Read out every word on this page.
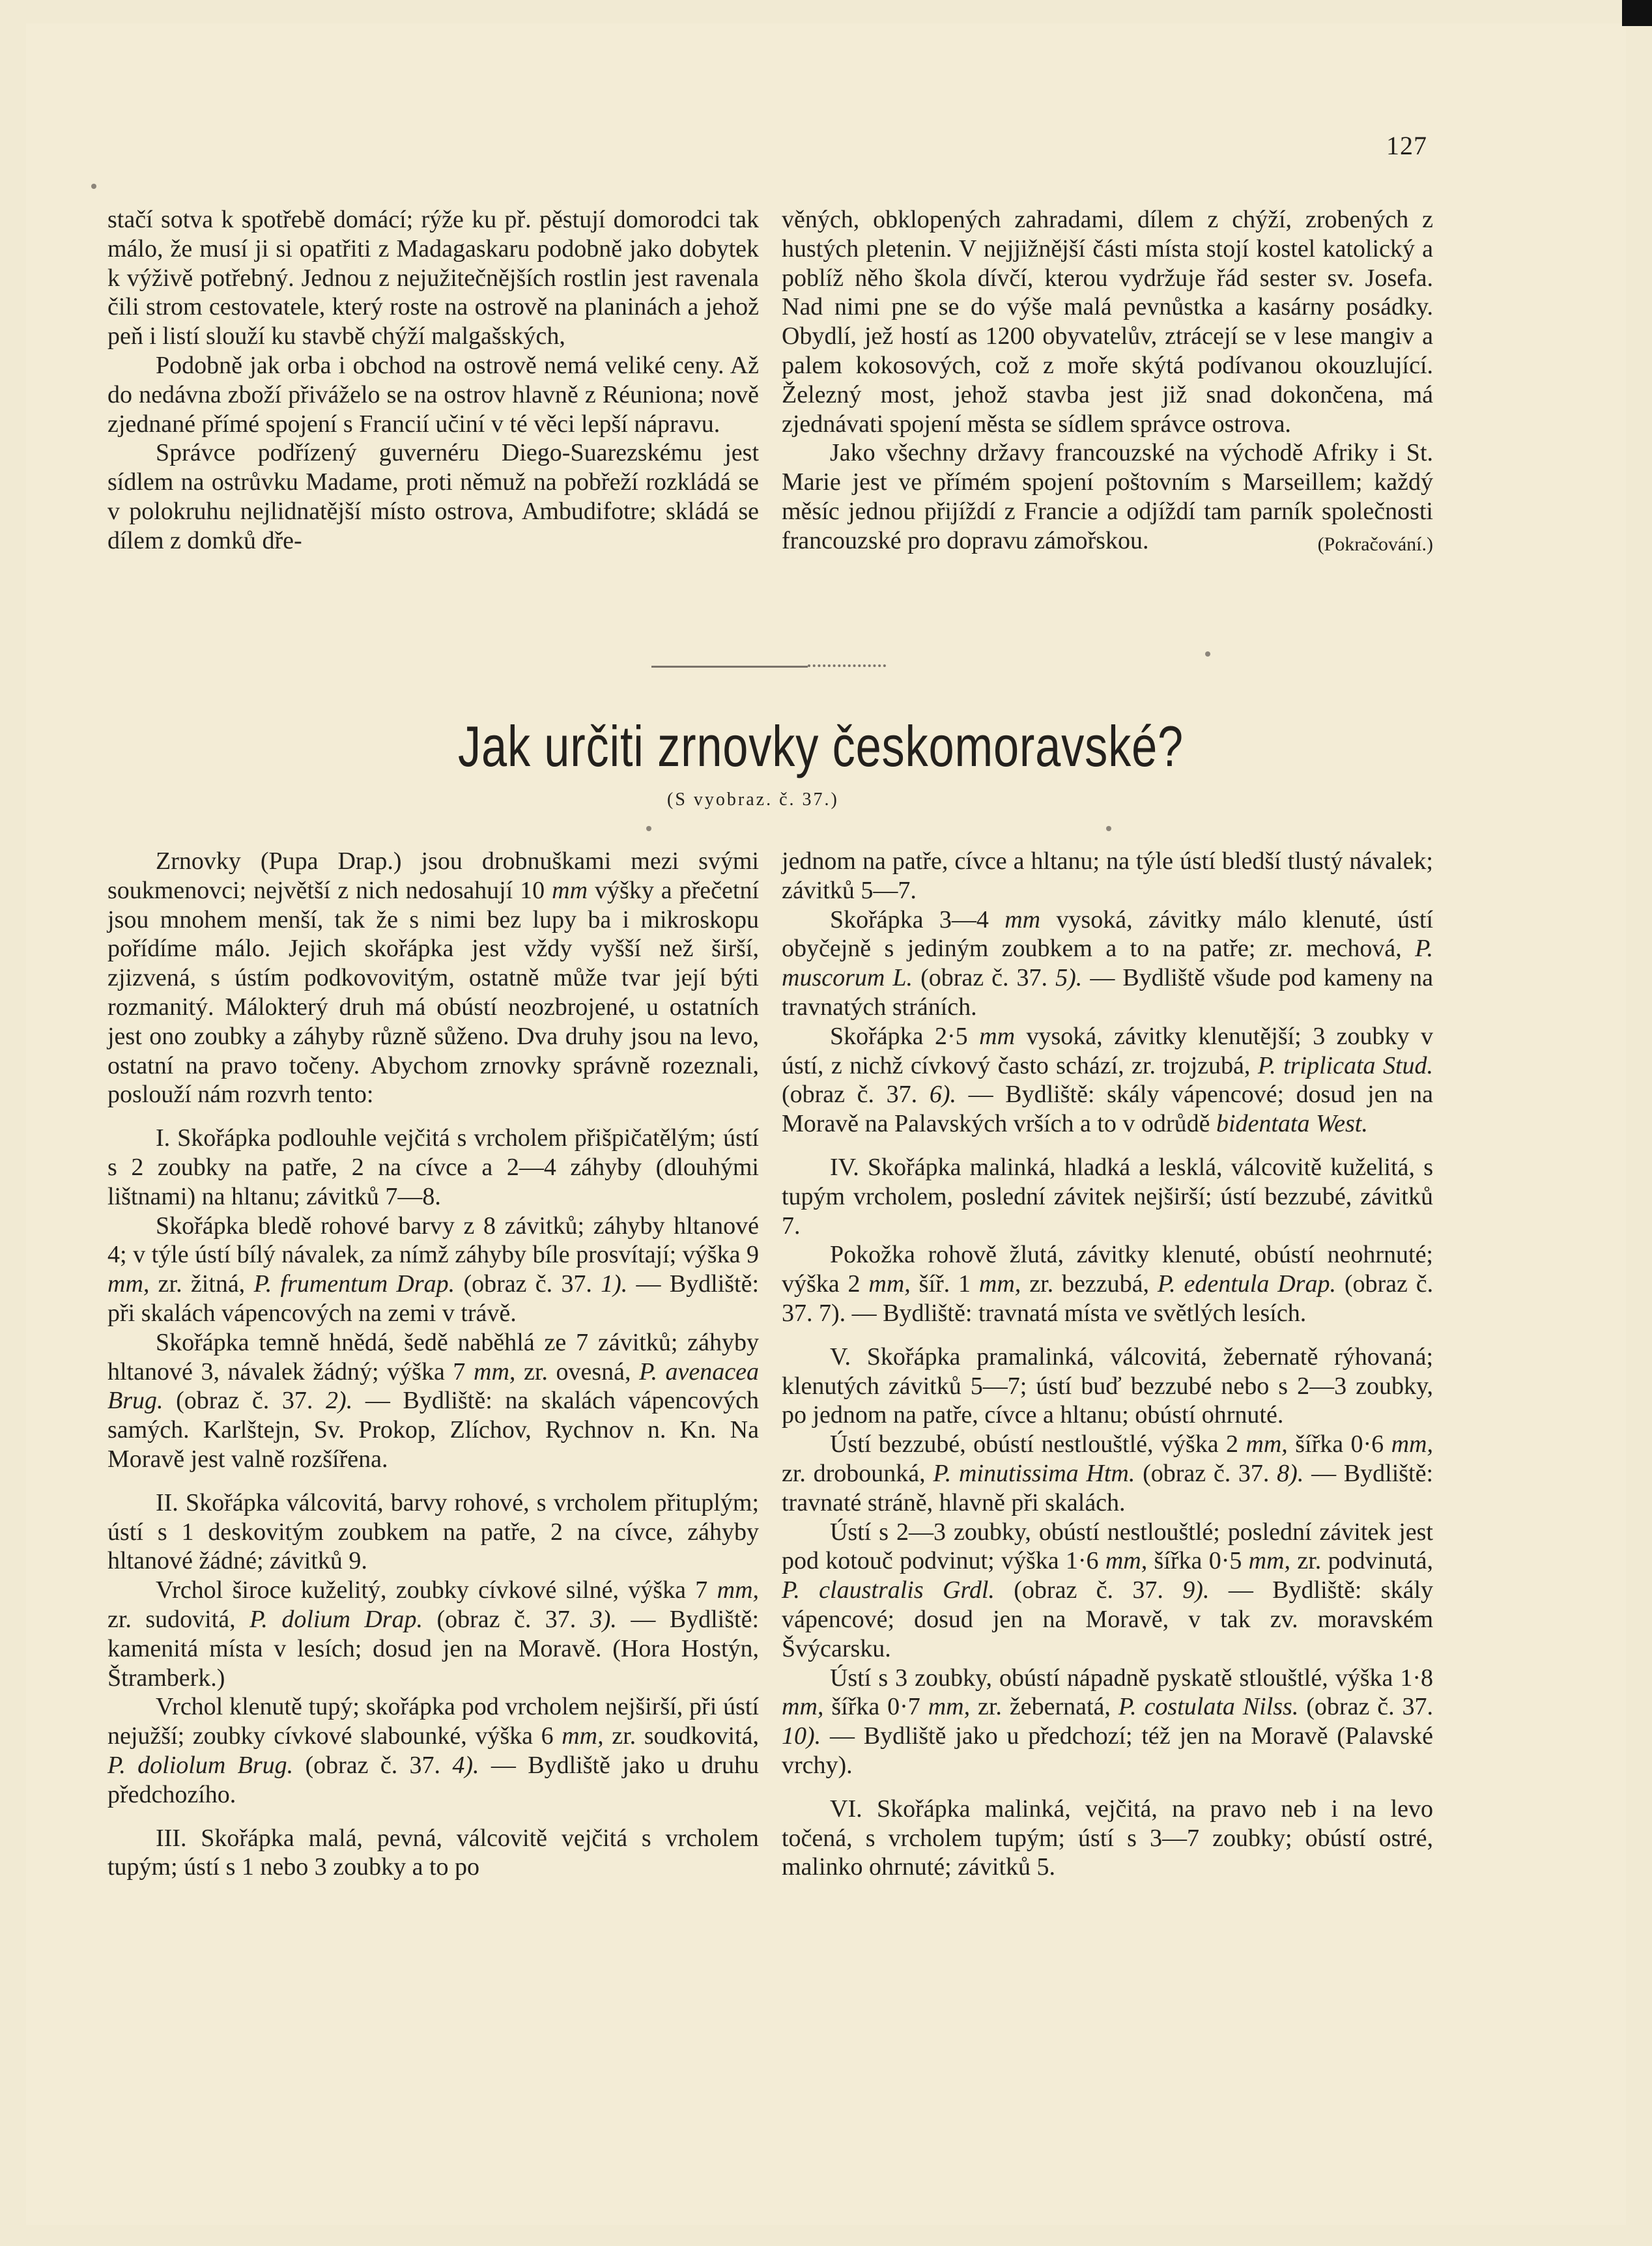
127

stačí sotva k spotřebě domácí; rýže ku př. pěstují domorodci tak málo, že musí ji si opatřiti z Madagaskaru podobně jako dobytek k výživě potřebný. Jednou z nejužitečnějších rostlin jest ravenala čili strom cestovatele, který roste na ostrově na planinách a jehož peň i listí slouží ku stavbě chýží malgašských,

Podobně jak orba i obchod na ostrově nemá veliké ceny. Až do nedávna zboží přiváželo se na ostrov hlavně z Réuniona; nově zjednané přímé spojení s Francií učiní v té věci lepší nápravu.

Správce podřízený guvernéru Diego-Suarezskému jest sídlem na ostrůvku Madame, proti němuž na pobřeží rozkládá se v polokruhu nejlidnatější místo ostrova, Ambudifotre; skládá se dílem z domků dře-

věných, obklopených zahradami, dílem z chýží, zrobených z hustých pletenin. V nejjižnější části místa stojí kostel katolický a poblíž něho škola dívčí, kterou vydržuje řád sester sv. Josefa. Nad nimi pne se do výše malá pevnůstka a kasárny posádky. Obydlí, jež hostí as 1200 obyvatelův, ztrácejí se v lese mangiv a palem kokosových, což z moře skýtá podívanou okouzlující. Železný most, jehož stavba jest již snad dokončena, má zjednávati spojení města se sídlem správce ostrova.

Jako všechny državy francouzské na východě Afriky i St. Marie jest ve přímém spojení poštovním s Marseillem; každý měsíc jednou přijíždí z Francie a odjíždí tam parník společnosti francouzské pro dopravu zámořskou.	(Pokračování.)

Jak určiti zrnovky českomoravské?
(S vyobraz. č. 37.)

Zrnovky (Pupa Drap.) jsou drobnuškami mezi svými soukmenovci; největší z nich nedosahují 10 mm výšky a přečetní jsou mnohem menší, tak že s nimi bez lupy ba i mikroskopu pořídíme málo. Jejich skořápka jest vždy vyšší než širší, zjizvená, s ústím podkovovitým, ostatně může tvar její býti rozmanitý. Málokterý druh má obústí neozbrojené, u ostatních jest ono zoubky a záhyby různě sůženo. Dva druhy jsou na levo, ostatní na pravo točeny. Abychom zrnovky správně rozeznali, poslouží nám rozvrh tento:

I. Skořápka podlouhle vejčitá s vrcholem přišpičatělým; ústí s 2 zoubky na patře, 2 na cívce a 2—4 záhyby (dlouhými lištnami) na hltanu; závitků 7—8.

Skořápka bledě rohové barvy z 8 závitků; záhyby hltanové 4; v týle ústí bílý návalek, za nímž záhyby bíle prosvítají; výška 9 mm, zr. žitná, P. frumentum Drap. (obraz č. 37. 1). — Bydliště: při skalách vápencových na zemi v trávě.

Skořápka temně hnědá, šedě naběhlá ze 7 závitků; záhyby hltanové 3, návalek žádný; výška 7 mm, zr. ovesná, P. avenacea Brug. (obraz č. 37. 2). — Bydliště: na skalách vápencových samých. Karlštejn, Sv. Prokop, Zlíchov, Rychnov n. Kn. Na Moravě jest valně rozšířena.

II. Skořápka válcovitá, barvy rohové, s vrcholem přituplým; ústí s 1 deskovitým zoubkem na patře, 2 na cívce, záhyby hltanové žádné; závitků 9.

Vrchol široce kuželitý, zoubky cívkové silné, výška 7 mm, zr. sudovitá, P. dolium Drap. (obraz č. 37. 3). — Bydliště: kamenitá místa v lesích; dosud jen na Moravě. (Hora Hostýn, Štramberk.)

Vrchol klenutě tupý; skořápka pod vrcholem nejširší, při ústí nejužší; zoubky cívkové slabounké, výška 6 mm, zr. soudkovitá, P. doliolum Brug. (obraz č. 37. 4). — Bydliště jako u druhu předchozího.

III. Skořápka malá, pevná, válcovitě vejčitá s vrcholem tupým; ústí s 1 nebo 3 zoubky a to po

jednom na patře, cívce a hltanu; na týle ústí bledší tlustý návalek; závitků 5—7.

Skořápka 3—4 mm vysoká, závitky málo klenuté, ústí obyčejně s jediným zoubkem a to na patře; zr. mechová, P. muscorum L. (obraz č. 37. 5). — Bydliště všude pod kameny na travnatých stráních.

Skořápka 2·5 mm vysoká, závitky klenutější; 3 zoubky v ústí, z nichž cívkový často schází, zr. trojzubá, P. triplicata Stud. (obraz č. 37. 6). — Bydliště: skály vápencové; dosud jen na Moravě na Palavských vrších a to v odrůdě bidentata West.

IV. Skořápka malinká, hladká a lesklá, válcovitě kuželitá, s tupým vrcholem, poslední závitek nejširší; ústí bezzubé, závitků 7.

Pokožka rohově žlutá, závitky klenuté, obústí neohrnuté; výška 2 mm, šíř. 1 mm, zr. bezzubá, P. edentula Drap. (obraz č. 37. 7). — Bydliště: travnatá místa ve světlých lesích.

V. Skořápka pramalinká, válcovitá, žebernatě rýhovaná; klenutých závitků 5—7; ústí buď bezzubé nebo s 2—3 zoubky, po jednom na patře, cívce a hltanu; obústí ohrnuté.

Ústí bezzubé, obústí nestlouštlé, výška 2 mm, šířka 0·6 mm, zr. drobounká, P. minutissima Htm. (obraz č. 37. 8). — Bydliště: travnaté stráně, hlavně při skalách.

Ústí s 2—3 zoubky, obústí nestlouštlé; poslední závitek jest pod kotouč podvinut; výška 1·6 mm, šířka 0·5 mm, zr. podvinutá, P. claustralis Grdl. (obraz č. 37. 9). — Bydliště: skály vápencové; dosud jen na Moravě, v tak zv. moravském Švýcarsku.

Ústí s 3 zoubky, obústí nápadně pyskatě stlouštlé, výška 1·8 mm, šířka 0·7 mm, zr. žebernatá, P. costulata Nilss. (obraz č. 37. 10). — Bydliště jako u předchozí; též jen na Moravě (Palavské vrchy).

VI. Skořápka malinká, vejčitá, na pravo neb i na levo točená, s vrcholem tupým; ústí s 3—7 zoubky; obústí ostré, malinko ohrnuté; závitků 5.
